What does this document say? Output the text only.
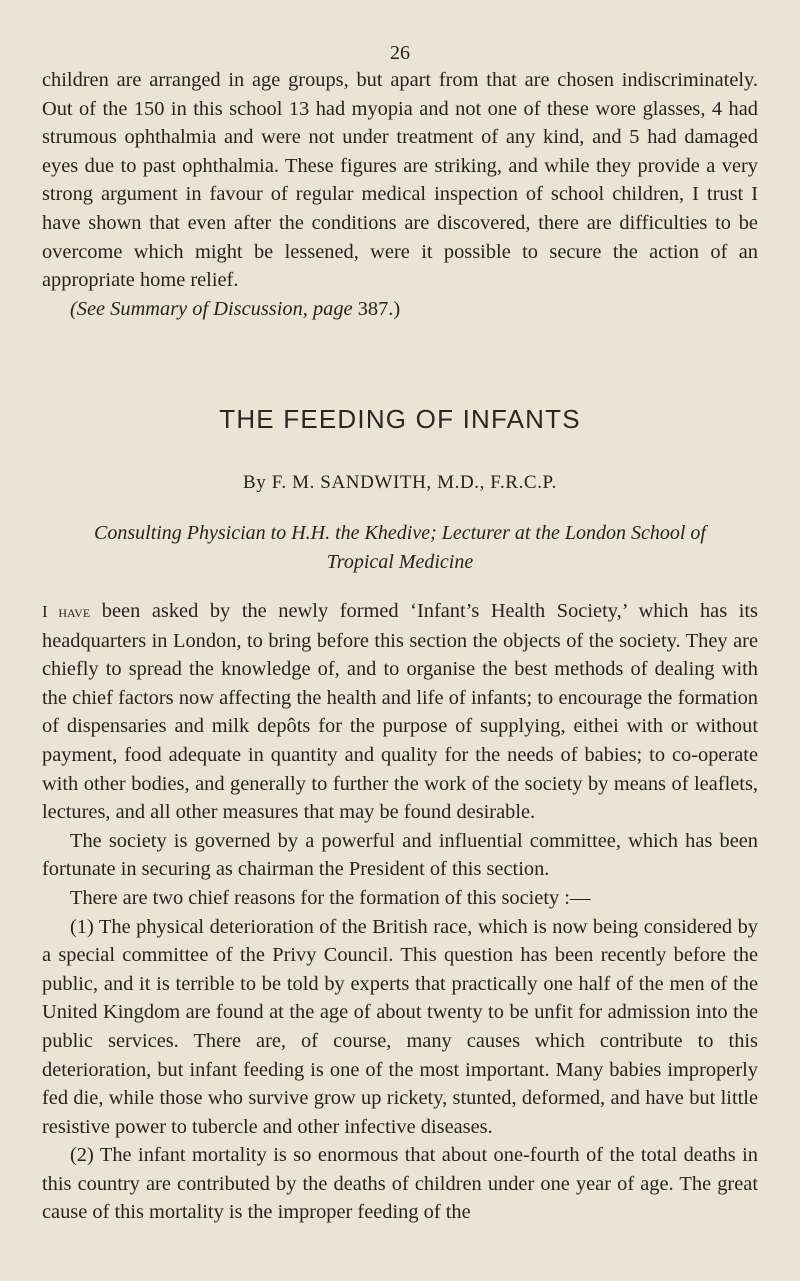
26

children are arranged in age groups, but apart from that are chosen indiscriminately. Out of the 150 in this school 13 had myopia and not one of these wore glasses, 4 had strumous ophthalmia and were not under treatment of any kind, and 5 had damaged eyes due to past ophthalmia. These figures are striking, and while they provide a very strong argument in favour of regular medical inspection of school children, I trust I have shown that even after the conditions are discovered, there are difficulties to be overcome which might be lessened, were it possible to secure the action of an appropriate home relief.

(See Summary of Discussion, page 387.)

THE FEEDING OF INFANTS
By F. M. SANDWITH, M.D., F.R.C.P.
Consulting Physician to H.H. the Khedive; Lecturer at the London School of Tropical Medicine

I have been asked by the newly formed ‘Infant’s Health Society,’ which has its headquarters in London, to bring before this section the objects of the society. They are chiefly to spread the knowledge of, and to organise the best methods of dealing with the chief factors now affecting the health and life of infants; to encourage the formation of dispensaries and milk depôts for the purpose of supplying, eithei with or without payment, food adequate in quantity and quality for the needs of babies; to co-operate with other bodies, and generally to further the work of the society by means of leaflets, lectures, and all other measures that may be found desirable.

The society is governed by a powerful and influential committee, which has been fortunate in securing as chairman the President of this section.

There are two chief reasons for the formation of this society :—

(1) The physical deterioration of the British race, which is now being considered by a special committee of the Privy Council. This question has been recently before the public, and it is terrible to be told by experts that practically one half of the men of the United Kingdom are found at the age of about twenty to be unfit for admission into the public services. There are, of course, many causes which contribute to this deterioration, but infant feeding is one of the most important. Many babies improperly fed die, while those who survive grow up rickety, stunted, deformed, and have but little resistive power to tubercle and other infective diseases.

(2) The infant mortality is so enormous that about one-fourth of the total deaths in this country are contributed by the deaths of children under one year of age. The great cause of this mortality is the improper feeding of the
